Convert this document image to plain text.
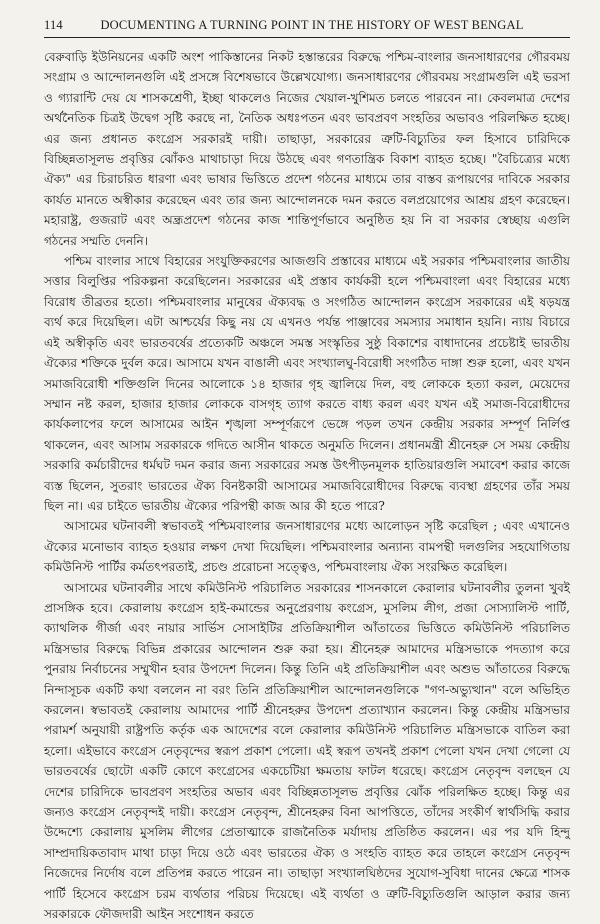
114	DOCUMENTING A TURNING POINT IN THE HISTORY OF WEST BENGAL

বেরুবাড়ি ইউনিয়নের একটি অংশ পাকিস্তানের নিকট হস্তান্তরের বিরুদ্ধে পশ্চিম-বাংলার জনসাধারণের গৌরবময় সংগ্রাম ও আন্দোলনগুলি এই প্রসঙ্গে বিশেষভাবে উল্লেখযোগ্য। জনসাধারণের গৌরবময় সংগ্রামগুলি এই ভরসা ও গ্যারান্টি দেয় যে শাসকশ্রেণী, ইচ্ছা থাকলেও নিজের খেয়াল-খুশিমত চলতে পারবেন না। কেবলমাত্র দেশের অর্থনৈতিক চিত্রই উদ্বেগ সৃষ্টি করছে না, নৈতিক অধঃপতন এবং ভাবপ্রবণ সংহতির অভাবও পরিলক্ষিত হচ্ছে। এর জন্য প্রধানত কংগ্রেস সরকারই দায়ী। তাছাড়া, সরকারের ত্রুটি-বিচ্যুতির ফল হিসাবে চারিদিকে বিচ্ছিন্নতাসূলভ প্রবৃত্তির ঝোঁকও মাথাচাড়া দিয়ে উঠছে এবং গণতান্ত্রিক বিকাশ ব্যাহত হচ্ছে। "বৈচিত্র্যের মধ্যে ঐক্য" এর চিরাচরিত ধারণা এবং ভাষার ভিত্তিতে প্রদেশ গঠনের মাধ্যমে তার বাস্তব রূপায়ণের দাবিকে সরকার কার্যত মানতে অস্বীকার করেছেন এবং তার জন্য আন্দোলনকে দমন করতে বলপ্রয়োগের আশ্রয় গ্রহণ করেছেন। মহারাষ্ট্র, গুজরাট এবং অন্ধ্রপ্রদেশ গঠনের কাজ শান্তিপূর্ণভাবে অনুষ্ঠিত হয় নি বা সরকার স্বেচ্ছায় এগুলি গঠনের সম্মতি দেননি।

পশ্চিম বাংলার সাথে বিহারের সংযুক্তিকরণের আজগুবি প্রস্তাবের মাধ্যমে এই সরকার পশ্চিমবাংলার জাতীয় সত্তার বিলুপ্তির পরিকল্পনা করেছিলেন। সরকারের এই প্রস্তাব কার্যকরী হলে পশ্চিমবাংলা এবং বিহারের মধ্যে বিরোধ তীব্রতর হতো। পশ্চিমবাংলার মানুষের ঐক্যবদ্ধ ও সংগঠিত আন্দোলন কংগ্রেস সরকারের এই ষড়যন্ত্র ব্যর্থ করে দিয়েছিল। এটা আশ্চর্যের কিছু নয় যে এখনও পর্যন্ত পাঞ্জাবের সমস্যার সমাধান হয়নি। ন্যায় বিচারে এই অস্বীকৃতি এবং ভারতবর্ষের প্রত্যেকটি অঞ্চলে সমস্ত সংস্কৃতির সুষ্ঠু বিকাশের বাধাদানের প্রচেষ্টাই ভারতীয় ঐক্যের শক্তিকে দুর্বল করে। আসামে যখন বাঙালী এবং সংখ্যালঘু-বিরোধী সংগঠিত দাঙ্গা শুরু হলো, এবং যখন সমাজবিরোধী শক্তিগুলি দিনের আলোকে ১৪ হাজার গৃহ জ্বালিয়ে দিল, বহু লোককে হত্যা করল, মেয়েদের সম্মান নষ্ট করল, হাজার হাজার লোককে বাসগৃহ ত্যাগ করতে বাধ্য করল এবং যখন এই সমাজ-বিরোধীদের কার্যকলাপের ফলে আসামের আইন শৃঙ্খলা সম্পূর্ণরূপে ভেঙ্গে পড়ল তখন কেন্দ্রীয় সরকার সম্পূর্ণ নির্লিপ্ত থাকলেন, এবং আসাম সরকারকে গদিতে আসীন থাকতে অনুমতি দিলেন। প্রধানমন্ত্রী শ্রীনেহরু সে সময় কেন্দ্রীয় সরকারি কর্মচারীদের ধর্মঘট দমন করার জন্য সরকারের সমস্ত উৎপীড়নমূলক হাতিয়ারগুলি সমাবেশ করার কাজে ব্যস্ত ছিলেন, সুতরাং ভারতের ঐক্য বিনষ্টকারী আসামের সমাজবিরোধীদের বিরুদ্ধে ব্যবস্থা গ্রহণের তাঁর সময় ছিল না। এর চাইতে ভারতীয় ঐক্যের পরিপন্থী কাজ আর কী হতে পারে?

আসামের ঘটনাবলী স্বভাবতই পশ্চিমবাংলার জনসাধারণের মধ্যে আলোড়ন সৃষ্টি করেছিল ; এবং এখানেও ঐক্যের মনোভাব ব্যাহত হওয়ার লক্ষণ দেখা দিয়েছিল। পশ্চিমবাংলার অন্যান্য বামপন্থী দলগুলির সহযোগিতায় কমিউনিস্ট পার্টির কর্মতৎপরতাই, প্রচণ্ড প্ররোচনা সত্ত্বেও, পশ্চিমবাংলায় ঐক্য সংরক্ষিত করেছিল।

আসামের ঘটনাবলীর সাথে কমিউনিস্ট পরিচালিত সরকারের শাসনকালে কেরালার ঘটনাবলীর তুলনা খুবই প্রাসঙ্গিক হবে। কেরালায় কংগ্রেস হাই-কমান্ডের অনুপ্রেরণায় কংগ্রেস, মুসলিম লীগ, প্রজা সোস্যালিস্ট পার্টি, ক্যাথলিক গীর্জা এবং নায়ার সার্ভিস সোসাইটির প্রতিক্রিয়াশীল আঁতাতের ভিত্তিতে কমিউনিস্ট পরিচালিত মন্ত্রিসভার বিরুদ্ধে বিভিন্ন প্রকারের আন্দোলন শুরু করা হয়। শ্রীনেহরু আমাদের মন্ত্রিসভাকে পদত্যাগ করে পুনরায় নির্বাচনের সম্মুখীন হবার উপদেশ দিলেন। কিন্তু তিনি এই প্রতিক্রিয়াশীল এবং অশুভ আঁতাতের বিরুদ্ধে নিন্দাসূচক একটি কথা বললেন না বরং তিনি প্রতিক্রিয়াশীল আন্দোলনগুলিকে "গণ-অভ্যুত্থান" বলে অভিহিত করলেন। স্বভাবতই কেরালায় আমাদের পার্টি শ্রীনেহরুর উপদেশ প্রত্যাখ্যান করলেন। কিন্তু কেন্দ্রীয় মন্ত্রিসভার পরামর্শ অনুযায়ী রাষ্ট্রপতি কর্তৃক এক আদেশের বলে কেরালার কমিউনিস্ট পরিচালিত মন্ত্রিসভাকে বাতিল করা হলো। এইভাবে কংগ্রেস নেতৃবৃন্দের স্বরূপ প্রকাশ পেলো। এই স্বরূপ তখনই প্রকাশ পেলো যখন দেখা গেলো যে ভারতবর্ষের ছোটো একটি কোণে কংগ্রেসের একচেটিয়া ক্ষমতায় ফাটল ধরেছে। কংগ্রেস নেতৃবৃন্দ বলছেন যে দেশের চারিদিকে ভাবপ্রবণ সংহতির অভাব এবং বিচ্ছিন্নতাসূলভ প্রবৃত্তির ঝোঁক পরিলক্ষিত হচ্ছে। কিন্তু এর জন্যও কংগ্রেস নেতৃবৃন্দই দায়ী। কংগ্রেস নেতৃবৃন্দ, শ্রীনেহরুর বিনা আপত্তিতে, তাঁদের সংকীর্ণ স্বার্থসিদ্ধি করার উদ্দেশ্যে কেরালায় মুসলিম লীগের প্রেতাত্মাকে রাজনৈতিক মর্যাদায় প্রতিষ্ঠিত করলেন। এর পর যদি হিন্দু সাম্প্রদায়িকতাবাদ মাথা চাড়া দিয়ে ওঠে এবং ভারতের ঐক্য ও সংহতি ব্যাহত করে তাহলে কংগ্রেস নেতৃবৃন্দ নিজেদের নির্দোষ বলে প্রতিপন্ন করতে পারেন না। তাছাড়া সংখ্যালঘিষ্ঠদের সুযোগ-সুবিধা দানের ক্ষেত্রে শাসক পার্টি হিসেবে কংগ্রেস চরম ব্যর্থতার পরিচয় দিয়েছে। এই ব্যর্থতা ও ত্রুটি-বিচ্যুতিগুলি আড়াল করার জন্য সরকারকে ফৌজদারী আইন সংশোধন করতে
